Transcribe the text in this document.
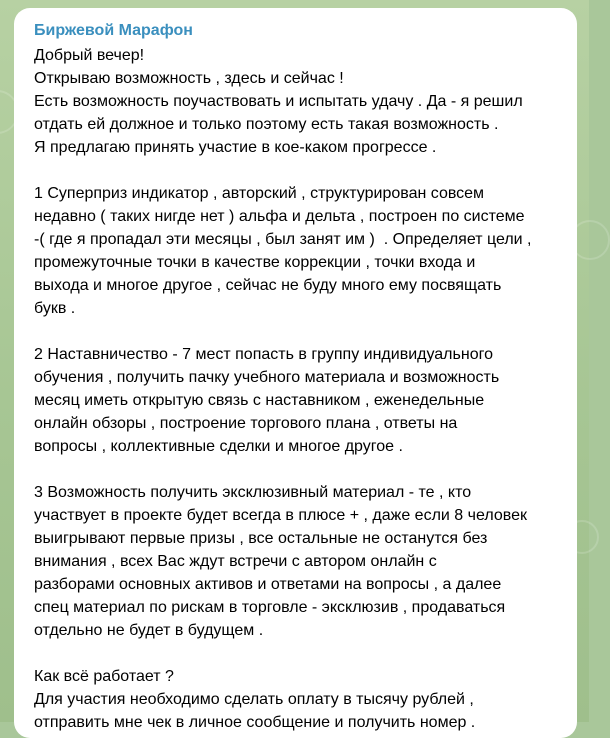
Биржевой Марафон
Добрый вечер!
Открываю возможность , здесь и сейчас !
Есть возможность поучаствовать и испытать удачу . Да - я решил
отдать ей должное и только поэтому есть такая возможность .
Я предлагаю принять участие в кое-каком прогрессе .
1 Суперприз индикатор , авторский , структурирован совсем
недавно ( таких нигде нет ) альфа и дельта , построен по системе
-( где я пропадал эти месяцы , был занят им )  . Определяет цели ,
промежуточные точки в качестве коррекции , точки входа и
выхода и многое другое , сейчас не буду много ему посвящать
букв .
2 Наставничество - 7 мест попасть в группу индивидуального
обучения , получить пачку учебного материала и возможность
месяц иметь открытую связь с наставником , еженедельные
онлайн обзоры , построение торгового плана , ответы на
вопросы , коллективные сделки и многое другое .
3 Возможность получить эксклюзивный материал - те , кто
участвует в проекте будет всегда в плюсе + , даже если 8 человек
выигрывают первые призы , все остальные не останутся без
внимания , всех Вас ждут встречи с автором онлайн с
разборами основных активов и ответами на вопросы , а далее
спец материал по рискам в торговле - эксклюзив , продаваться
отдельно не будет в будущем .
Как всё работает ?
Для участия необходимо сделать оплату в тысячу рублей ,
отправить мне чек в личное сообщение и получить номер .
